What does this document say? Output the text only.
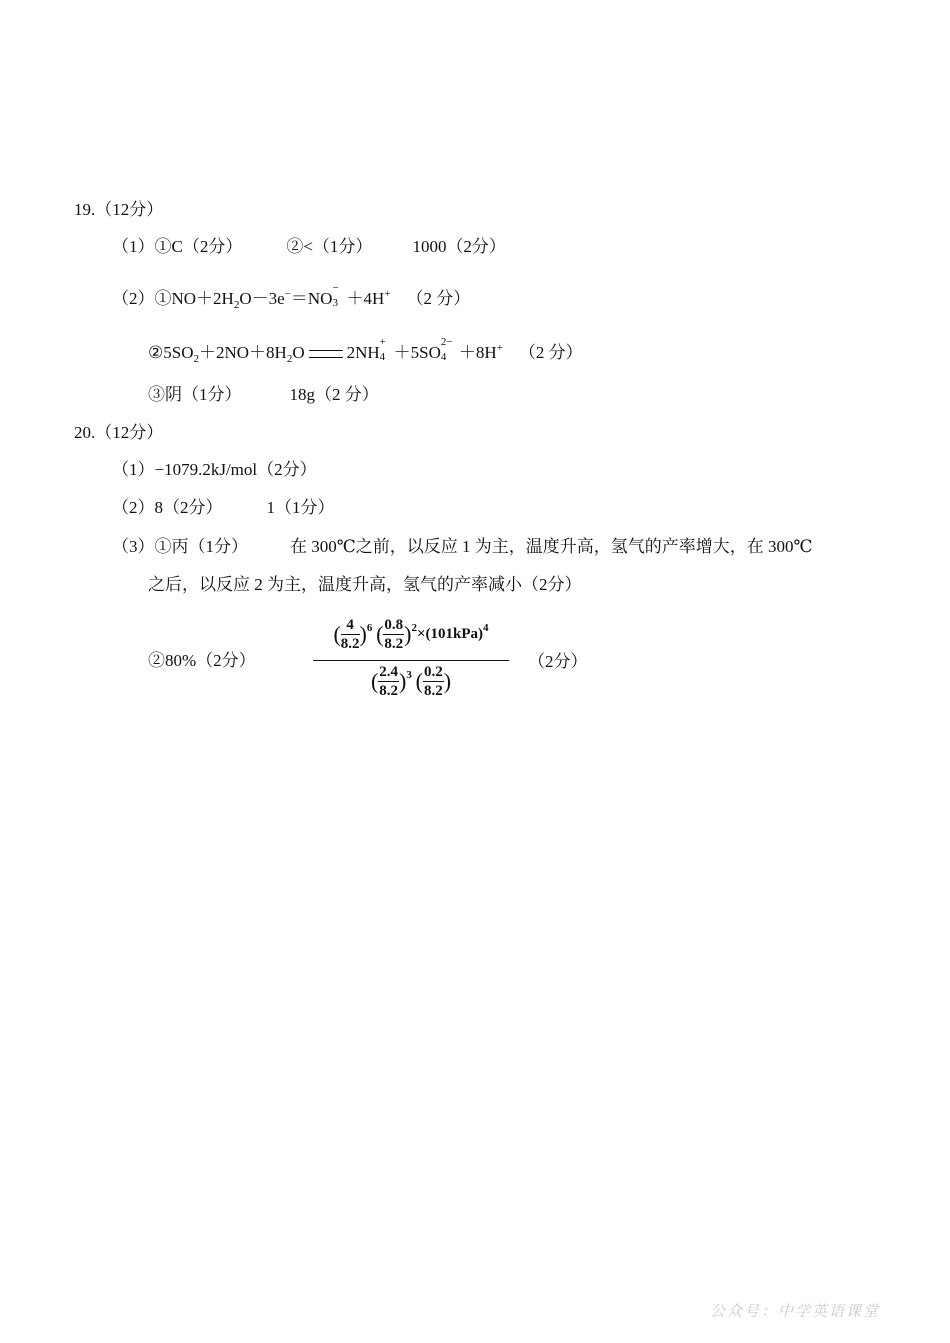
19.（12分）
（1）①C（2分）	②<（1分） 1000（2分）
$(2)①NO+2H_2O-3e^-=NO$
−
3 ＋4H+ （2 分）
$②5SO_2+2NO+8H_2O$ 2NH
+
4 ＋5SO
2−
4 ＋8H+ （2 分）
③阴（1分）	18g（2 分）
20.（12分）
（1）−1079.2kJ/mol（2分）
（2）8（2分）	1（1分）
（3）①丙（1分） 在 300℃之前，以反应 1 为主，温度升高，氢气的产率增大，在 300℃
之后，以反应 2 为主，温度升高，氢气的产率减小（2分）
②80%（2分）
( $\frac{4}{8.2} )^6$ ( $\frac{0.8}{8.2} )^2\times(101kPa)^4$
( $\frac{2.4}{8.2} )^3$ ( $\frac{0.2}{8.2}$ )
（2分）
公众号：中学英语课堂
